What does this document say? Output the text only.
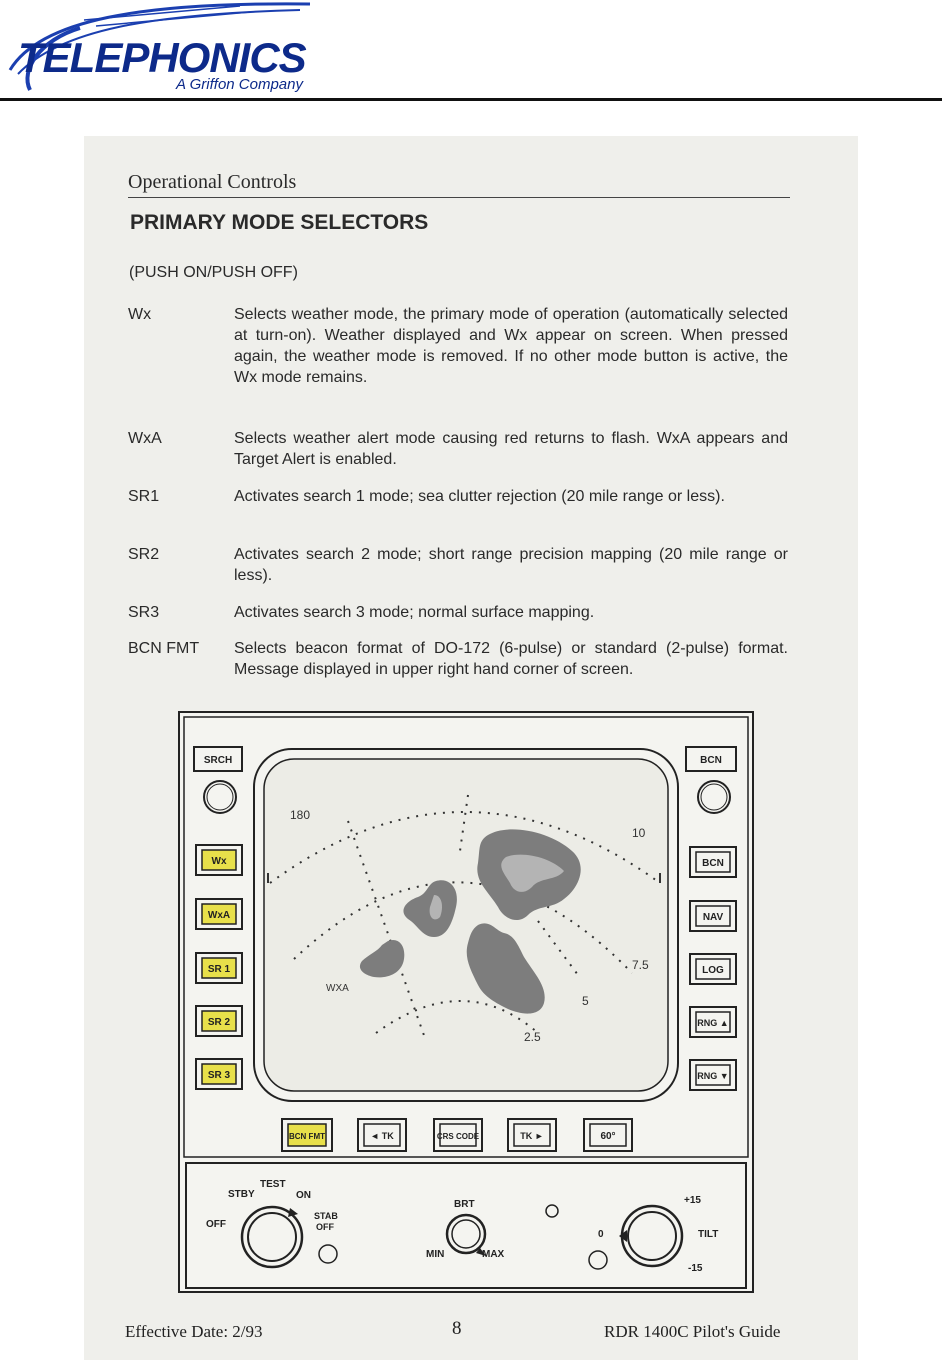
TELEPHONICS
A Griffon Company
Operational Controls
PRIMARY MODE SELECTORS
(PUSH ON/PUSH OFF)
Wx	Selects weather mode, the primary mode of operation (automatically selected at turn-on). Weather displayed and Wx appear on screen. When pressed again, the weather mode is removed. If no other mode button is active, the Wx mode remains.
WxA	Selects weather alert mode causing red returns to flash. WxA appears and Target Alert is enabled.
SR1	Activates search 1 mode; sea clutter rejection (20 mile range or less).
SR2	Activates search 2 mode; short range precision mapping (20 mile range or less).
SR3	Activates search 3 mode; normal surface mapping.
BCN FMT	Selects beacon format of DO-172 (6-pulse) or standard (2-pulse) format. Message displayed in upper right hand corner of screen.
180
10
7.5
5
2.5
WXA
SRCH	BCN
Wx
WxA
SR 1
SR 2
SR 3
BCN
NAV
LOG
RNG ▲
RNG ▼
BCN FMT	◄ TK	CRS CODE	TK ►	60°
OFF
STBY
TEST
ON
STAB
OFF
BRT
MIN	MAX
+15
0	TILT
-15
Effective Date: 2/93	8	RDR 1400C Pilot's Guide
